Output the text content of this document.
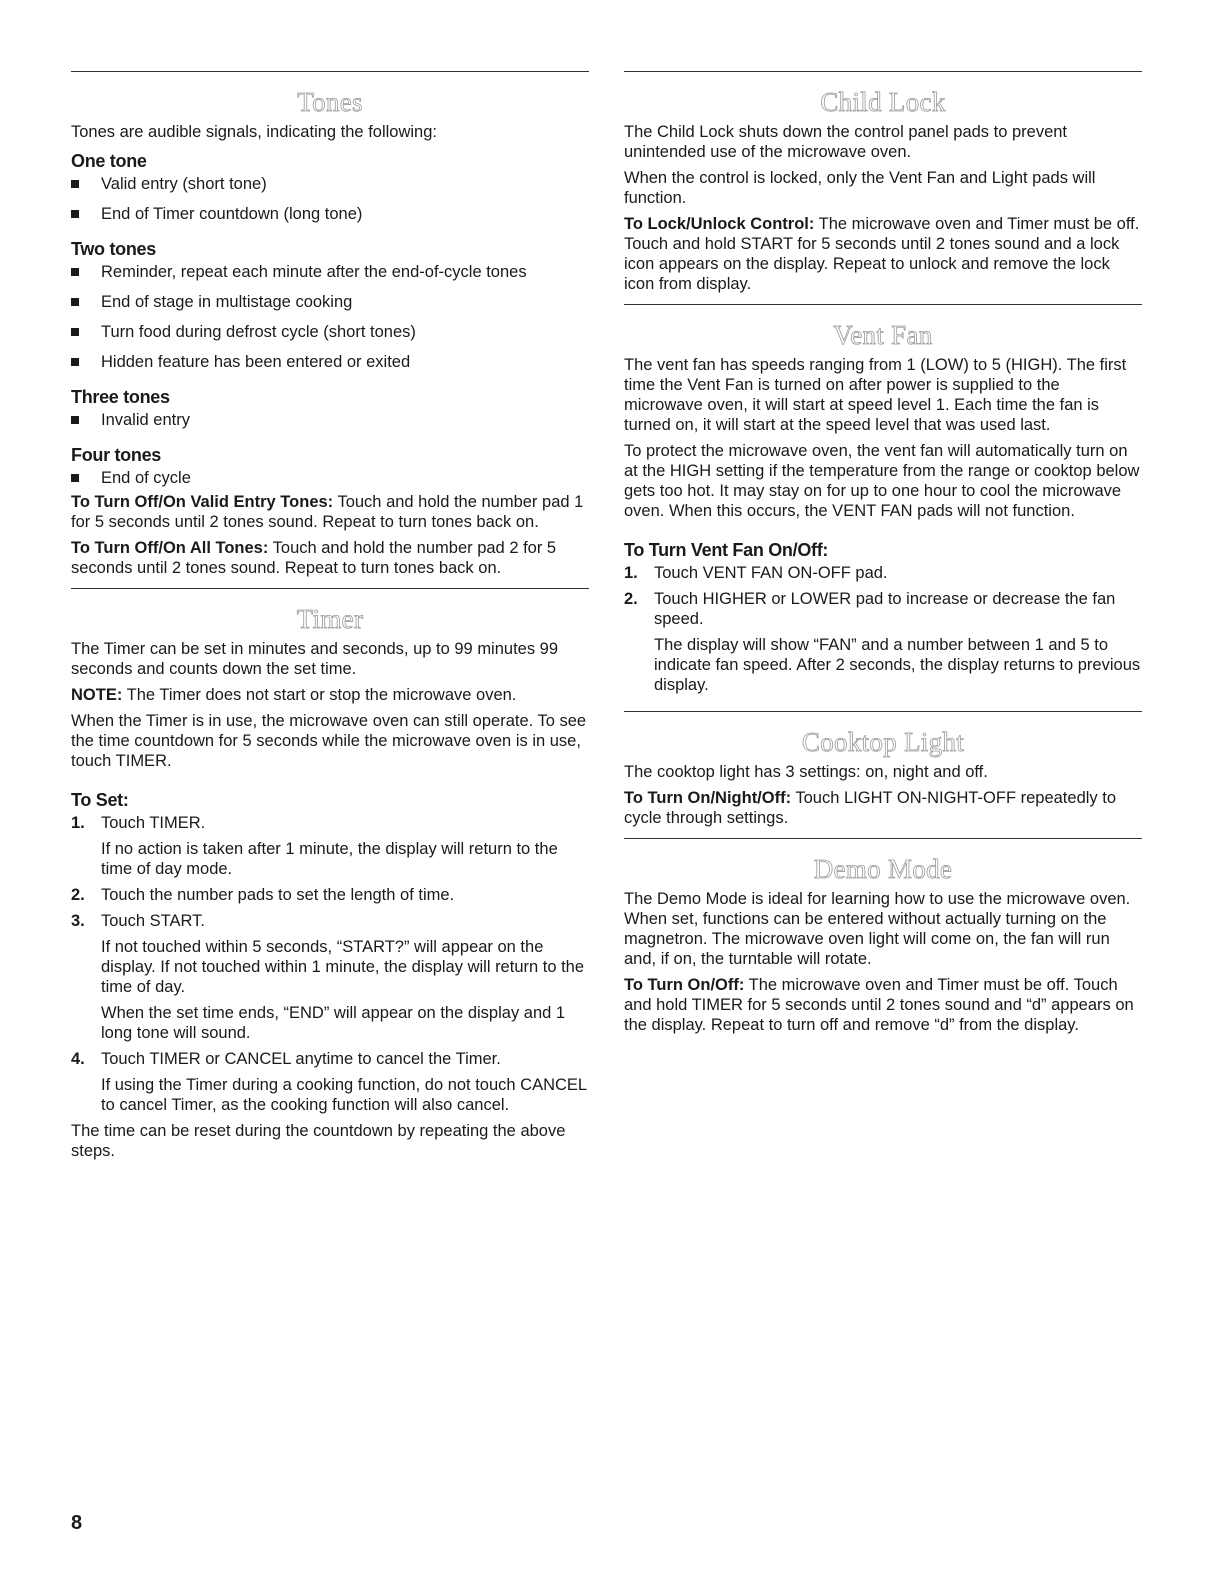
Tones

Tones are audible signals, indicating the following:

One tone
Valid entry (short tone)
End of Timer countdown (long tone)
Two tones
Reminder, repeat each minute after the end-of-cycle tones
End of stage in multistage cooking
Turn food during defrost cycle (short tones)
Hidden feature has been entered or exited
Three tones
Invalid entry
Four tones
End of cycle

To Turn Off/On Valid Entry Tones: Touch and hold the number pad 1 for 5 seconds until 2 tones sound. Repeat to turn tones back on.

To Turn Off/On All Tones: Touch and hold the number pad 2 for 5 seconds until 2 tones sound. Repeat to turn tones back on.

Timer

The Timer can be set in minutes and seconds, up to 99 minutes 99 seconds and counts down the set time.

NOTE: The Timer does not start or stop the microwave oven.

When the Timer is in use, the microwave oven can still operate. To see the time countdown for 5 seconds while the microwave oven is in use, touch TIMER.

To Set:
1. Touch TIMER.
If no action is taken after 1 minute, the display will return to the time of day mode.
2. Touch the number pads to set the length of time.
3. Touch START.
If not touched within 5 seconds, “START?” will appear on the display. If not touched within 1 minute, the display will return to the time of day.
When the set time ends, “END” will appear on the display and 1 long tone will sound.
4. Touch TIMER or CANCEL anytime to cancel the Timer.
If using the Timer during a cooking function, do not touch CANCEL to cancel Timer, as the cooking function will also cancel.

The time can be reset during the countdown by repeating the above steps.

Child Lock

The Child Lock shuts down the control panel pads to prevent unintended use of the microwave oven.

When the control is locked, only the Vent Fan and Light pads will function.

To Lock/Unlock Control: The microwave oven and Timer must be off. Touch and hold START for 5 seconds until 2 tones sound and a lock icon appears on the display. Repeat to unlock and remove the lock icon from display.

Vent Fan

The vent fan has speeds ranging from 1 (LOW) to 5 (HIGH). The first time the Vent Fan is turned on after power is supplied to the microwave oven, it will start at speed level 1. Each time the fan is turned on, it will start at the speed level that was used last.

To protect the microwave oven, the vent fan will automatically turn on at the HIGH setting if the temperature from the range or cooktop below gets too hot. It may stay on for up to one hour to cool the microwave oven. When this occurs, the VENT FAN pads will not function.

To Turn Vent Fan On/Off:
1. Touch VENT FAN ON-OFF pad.
2. Touch HIGHER or LOWER pad to increase or decrease the fan speed.
The display will show “FAN” and a number between 1 and 5 to indicate fan speed. After 2 seconds, the display returns to previous display.
Cooktop Light

The cooktop light has 3 settings: on, night and off.

To Turn On/Night/Off: Touch LIGHT ON-NIGHT-OFF repeatedly to cycle through settings.

Demo Mode

The Demo Mode is ideal for learning how to use the microwave oven. When set, functions can be entered without actually turning on the magnetron. The microwave oven light will come on, the fan will run and, if on, the turntable will rotate.

To Turn On/Off: The microwave oven and Timer must be off. Touch and hold TIMER for 5 seconds until 2 tones sound and “d” appears on the display. Repeat to turn off and remove “d” from the display.

8
